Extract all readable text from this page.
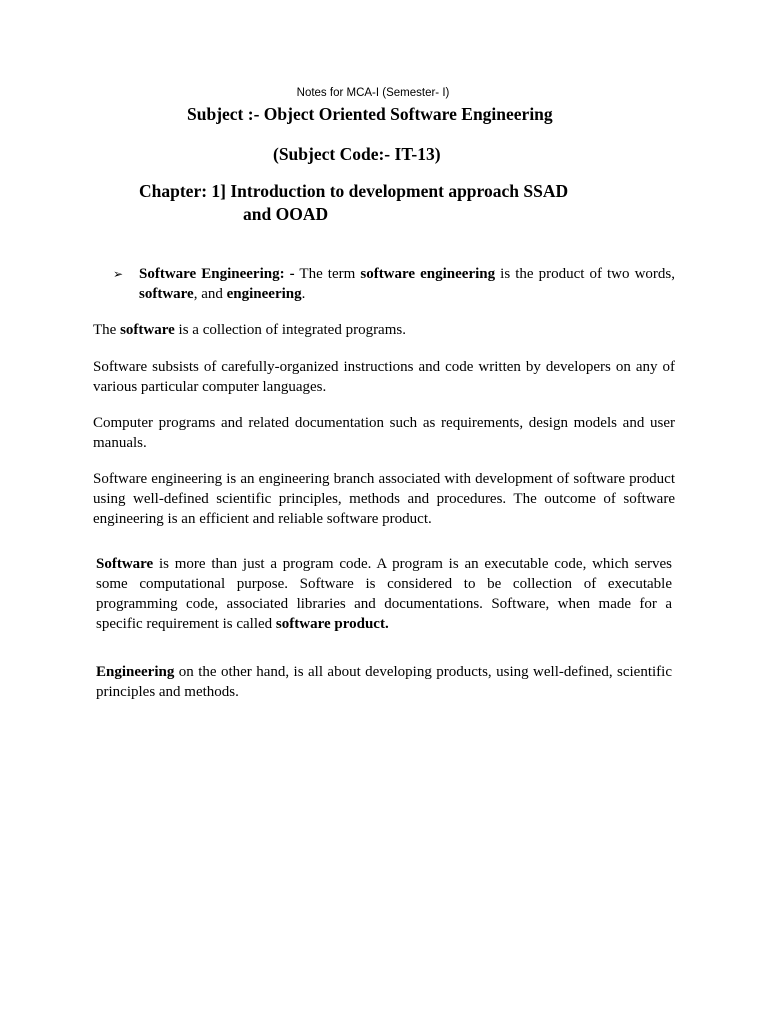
Notes for MCA-I (Semester- I)
Subject :- Object Oriented Software Engineering
(Subject Code:- IT-13)
Chapter: 1] Introduction to development approach SSAD
and OOAD
➢ Software Engineering: - The term software engineering is the product of two words, software, and engineering.
The software is a collection of integrated programs.
Software subsists of carefully-organized instructions and code written by developers on any of various particular computer languages.
Computer programs and related documentation such as requirements, design models and user manuals.
Software engineering is an engineering branch associated with development of software product using well-defined scientific principles, methods and procedures. The outcome of software engineering is an efficient and reliable software product.
Software is more than just a program code. A program is an executable code, which serves some computational purpose. Software is considered to be collection of executable programming code, associated libraries and documentations. Software, when made for a specific requirement is called software product.
Engineering on the other hand, is all about developing products, using well-defined, scientific principles and methods.
